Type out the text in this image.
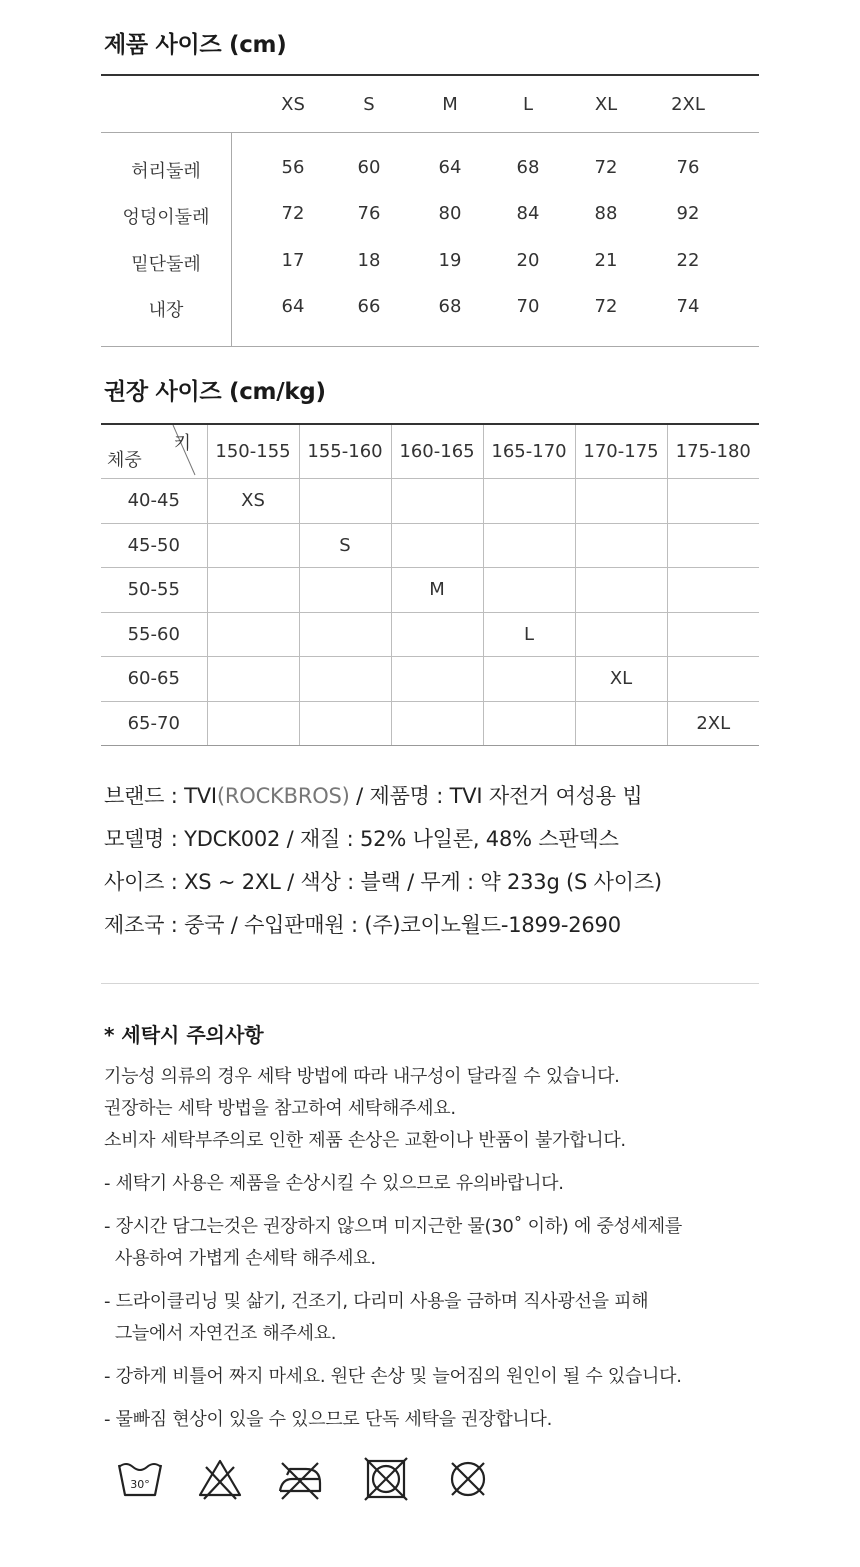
제품 사이즈 (cm)
XS	S	M	L	XL	2XL
허리둘레	56	60	64	68	72	76
엉덩이둘레	72	76	80	84	88	92
밑단둘레	17	18	19	20	21	22
내장	64	66	68	70	72	74
권장 사이즈 (cm/kg)
키
체중	150-155	155-160	160-165	165-170	170-175	175-180
40-45	XS					
45-50		S				
50-55			M			
55-60				L		
60-65					XL	
65-70						2XL
브랜드 : TVI(ROCKBROS) / 제품명 : TVI 자전거 여성용 빕
모델명 : YDCK002 / 재질 : 52% 나일론, 48% 스판덱스
사이즈 : XS ~ 2XL / 색상 : 블랙 / 무게 : 약 233g (S 사이즈)
제조국 : 중국 / 수입판매원 : (주)코이노월드-1899-2690
* 세탁시 주의사항
기능성 의류의 경우 세탁 방법에 따라 내구성이 달라질 수 있습니다.
권장하는 세탁 방법을 참고하여 세탁해주세요.
소비자 세탁부주의로 인한 제품 손상은 교환이나 반품이 불가합니다.
- 세탁기 사용은 제품을 손상시킬 수 있으므로 유의바랍니다.
- 장시간 담그는것은 권장하지 않으며 미지근한 물(30˚ 이하) 에 중성세제를
사용하여 가볍게 손세탁 해주세요.
- 드라이클리닝 및 삶기, 건조기, 다리미 사용을 금하며 직사광선을 피해
그늘에서 자연건조 해주세요.
- 강하게 비틀어 짜지 마세요. 원단 손상 및 늘어짐의 원인이 될 수 있습니다.
- 물빠짐 현상이 있을 수 있으므로 단독 세탁을 권장합니다.
30°
